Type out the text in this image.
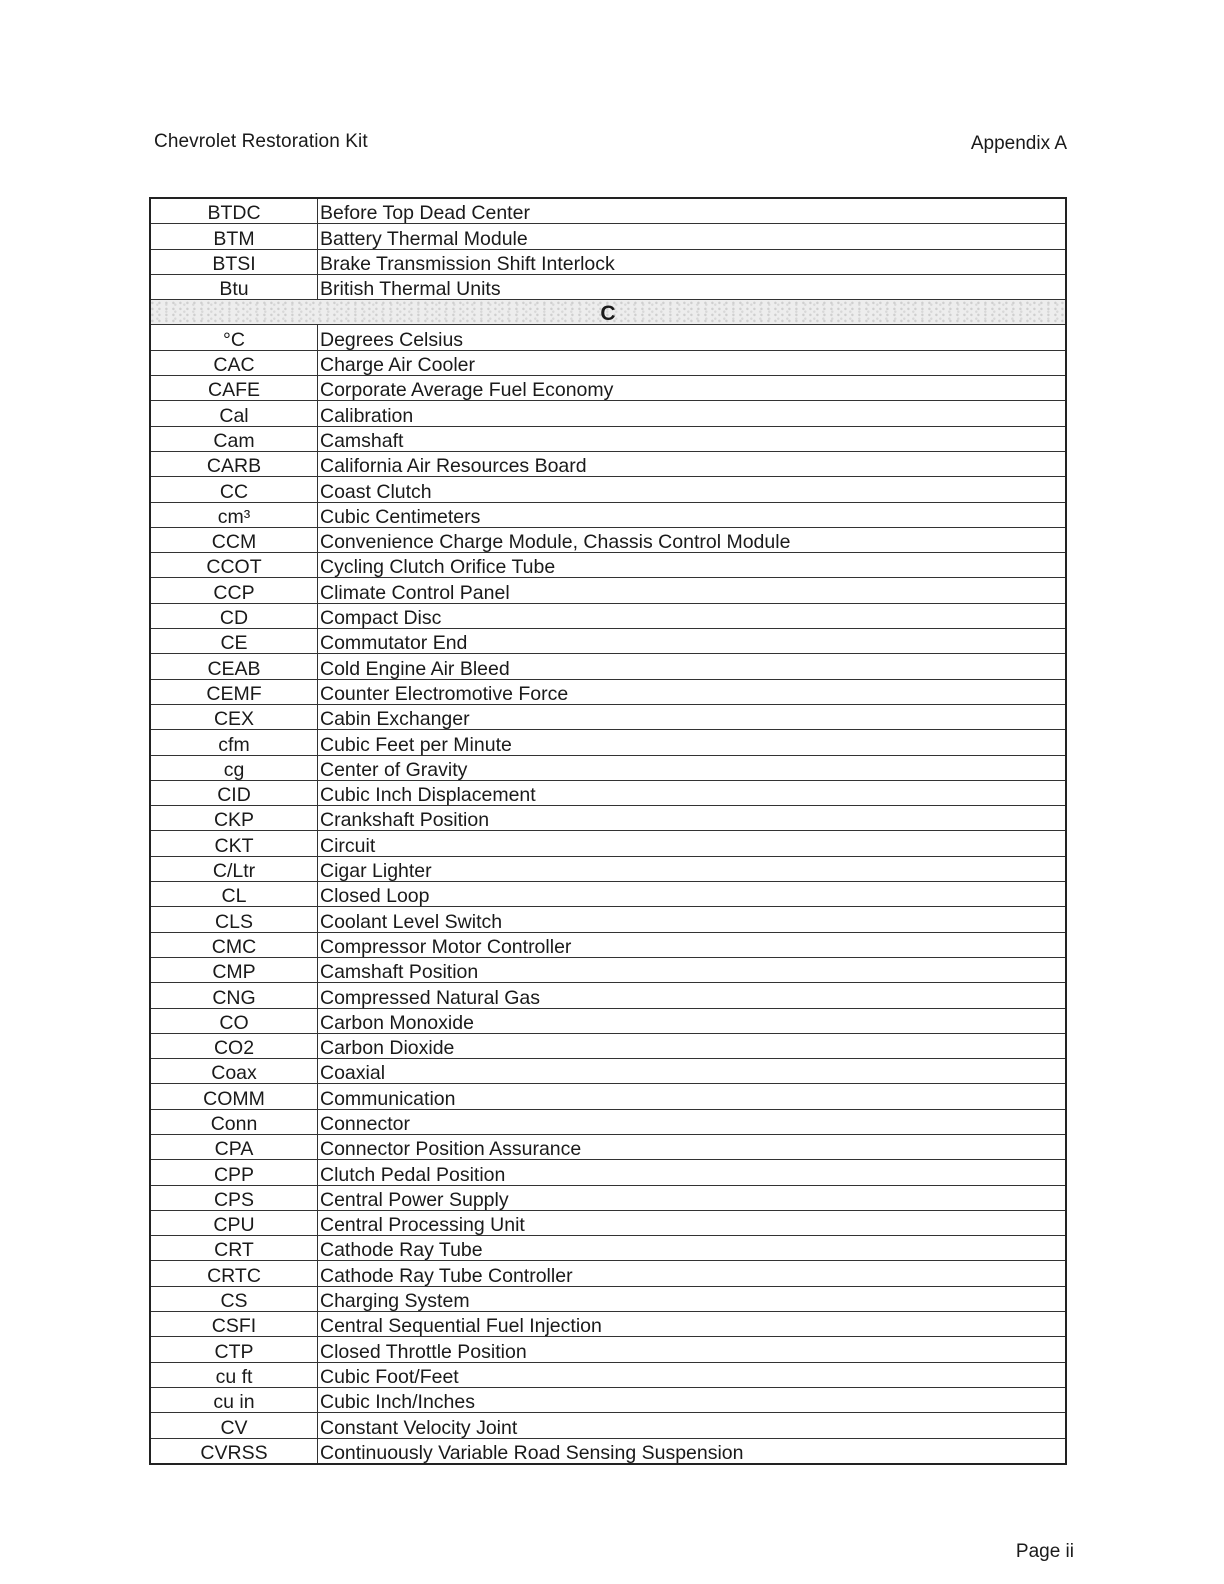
Chevrolet Restoration Kit	Appendix A
BTDC	Before Top Dead Center
BTM	Battery Thermal Module
BTSI	Brake Transmission Shift Interlock
Btu	British Thermal Units
C	
°C	Degrees Celsius
CAC	Charge Air Cooler
CAFE	Corporate Average Fuel Economy
Cal	Calibration
Cam	Camshaft
CARB	California Air Resources Board
CC	Coast Clutch
cm³	Cubic Centimeters
CCM	Convenience Charge Module, Chassis Control Module
CCOT	Cycling Clutch Orifice Tube
CCP	Climate Control Panel
CD	Compact Disc
CE	Commutator End
CEAB	Cold Engine Air Bleed
CEMF	Counter Electromotive Force
CEX	Cabin Exchanger
cfm	Cubic Feet per Minute
cg	Center of Gravity
CID	Cubic Inch Displacement
CKP	Crankshaft Position
CKT	Circuit
C/Ltr	Cigar Lighter
CL	Closed Loop
CLS	Coolant Level Switch
CMC	Compressor Motor Controller
CMP	Camshaft Position
CNG	Compressed Natural Gas
CO	Carbon Monoxide
CO2	Carbon Dioxide
Coax	Coaxial
COMM	Communication
Conn	Connector
CPA	Connector Position Assurance
CPP	Clutch Pedal Position
CPS	Central Power Supply
CPU	Central Processing Unit
CRT	Cathode Ray Tube
CRTC	Cathode Ray Tube Controller
CS	Charging System
CSFI	Central Sequential Fuel Injection
CTP	Closed Throttle Position
cu ft	Cubic Foot/Feet
cu in	Cubic Inch/Inches
CV	Constant Velocity Joint
CVRSS	Continuously Variable Road Sensing Suspension
Page ii
